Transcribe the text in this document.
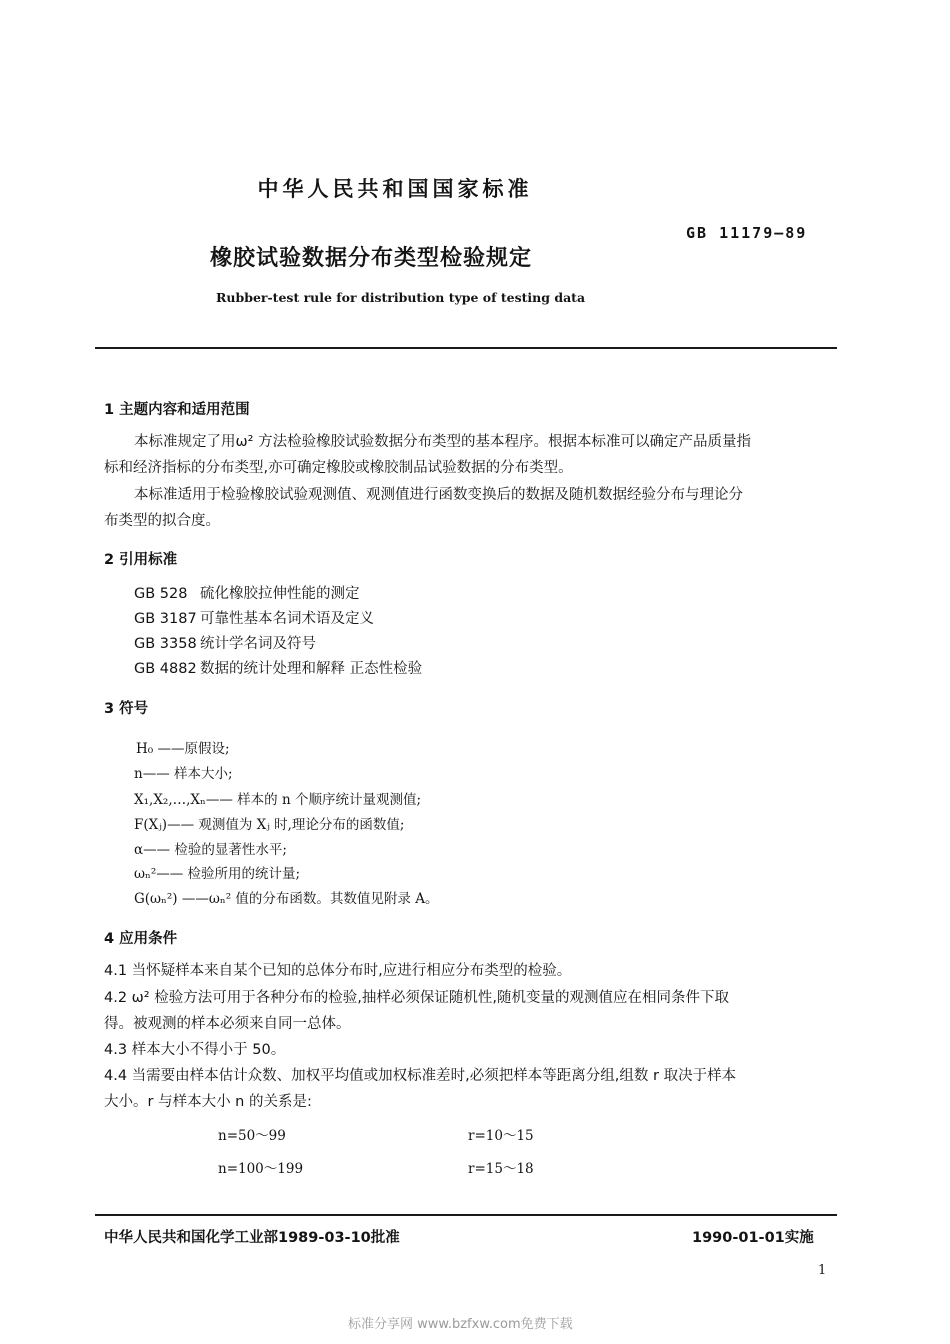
中华人民共和国国家标准
GB 11179—89
橡胶试验数据分布类型检验规定
Rubber-test rule for distribution type of testing data
1 主题内容和适用范围
本标准规定了用ω² 方法检验橡胶试验数据分布类型的基本程序。根据本标准可以确定产品质量指
标和经济指标的分布类型,亦可确定橡胶或橡胶制品试验数据的分布类型。
本标准适用于检验橡胶试验观测值、观测值进行函数变换后的数据及随机数据经验分布与理论分
布类型的拟合度。
2 引用标准
GB 528 硫化橡胶拉伸性能的测定
GB 3187 可靠性基本名词术语及定义
GB 3358 统计学名词及符号
GB 4882 数据的统计处理和解释 正态性检验
3 符号
H₀ ——原假设;
n—— 样本大小;
X₁,X₂,…,Xₙ—— 样本的 n 个顺序统计量观测值;
F(Xⱼ)—— 观测值为 Xⱼ 时,理论分布的函数值;
α—— 检验的显著性水平;
ωₙ²—— 检验所用的统计量;
G(ωₙ²) ——ωₙ² 值的分布函数。其数值见附录 A。
4 应用条件
4.1 当怀疑样本来自某个已知的总体分布时,应进行相应分布类型的检验。
4.2 ω² 检验方法可用于各种分布的检验,抽样必须保证随机性,随机变量的观测值应在相同条件下取
得。被观测的样本必须来自同一总体。
4.3 样本大小不得小于 50。
4.4 当需要由样本估计众数、加权平均值或加权标准差时,必须把样本等距离分组,组数 r 取决于样本
大小。r 与样本大小 n 的关系是:
n=50～99	r=10～15
n=100～199	r=15～18
中华人民共和国化学工业部1989-03-10批准	1990-01-01实施
1
标准分享网 www.bzfxw.com免费下载
